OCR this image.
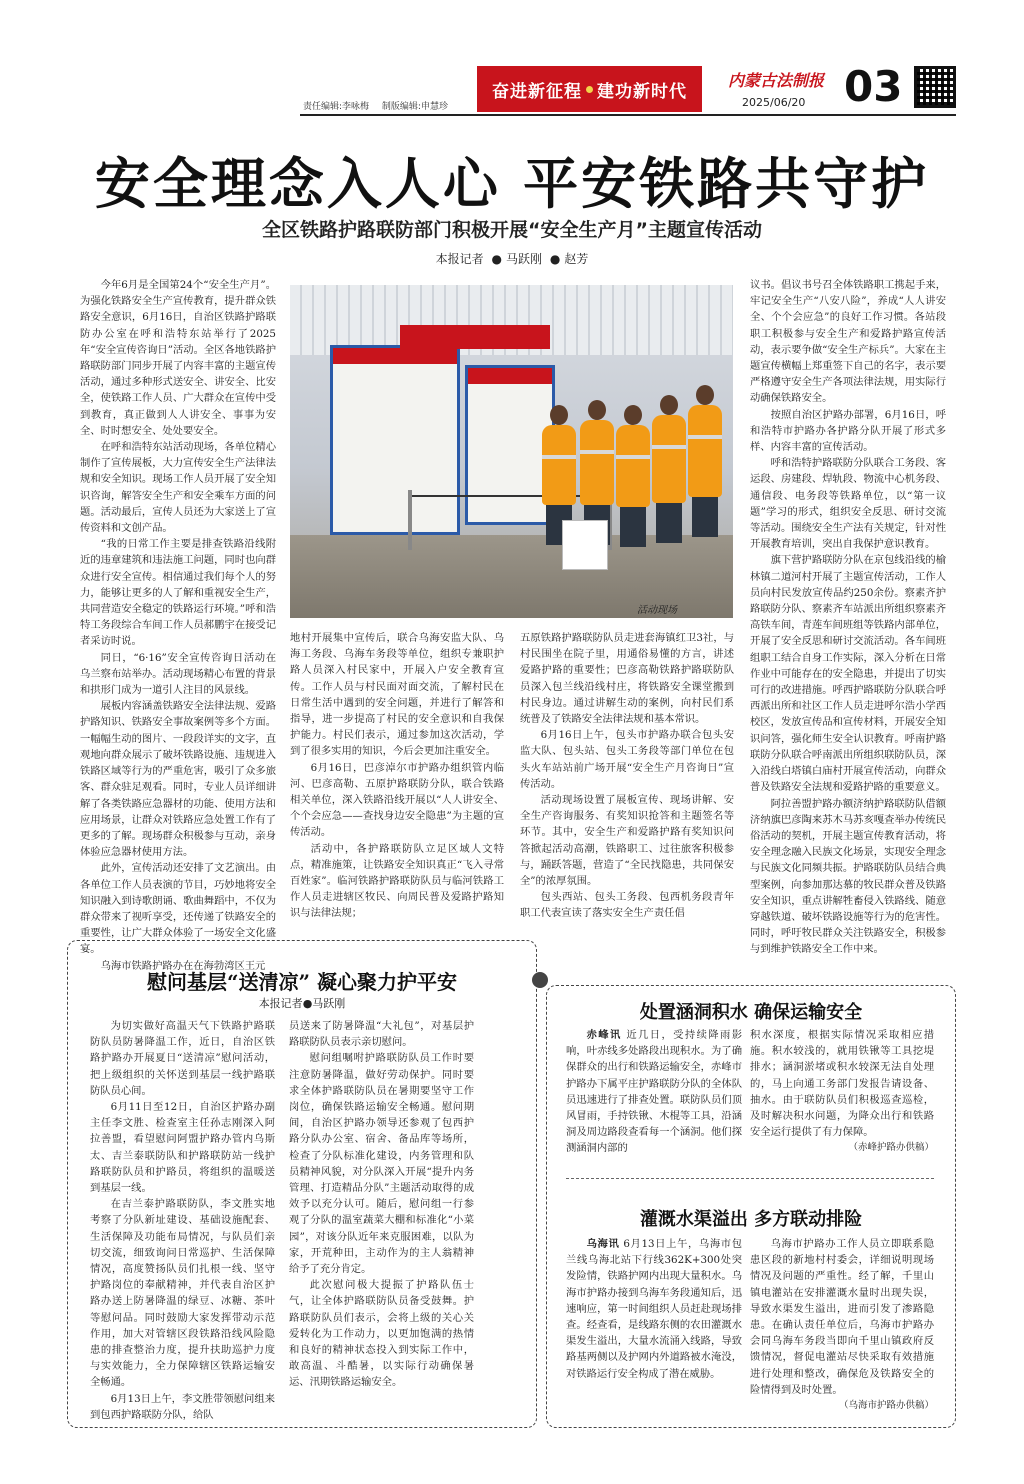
责任编辑:李咏梅 制版编辑:申慧珍
奋进新征程 建功新时代
内蒙古法制报
2025/06/20 03
安全理念入人心 平安铁路共守护
全区铁路护路联防部门积极开展“安全生产月”主题宣传活动
本报记者 ● 马跃刚 ● 赵芳

今年6月是全国第24个“安全生产月”。为强化铁路安全生产宣传教育，提升群众铁路安全意识，6月16日，自治区铁路护路联防办公室在呼和浩特东站举行了2025年“安全宣传咨询日”活动。全区各地铁路护路联防部门同步开展了内容丰富的主题宣传活动，通过多种形式送安全、讲安全、比安全，使铁路工作人员、广大群众在宣传中受到教育，真正做到人人讲安全、事事为安全、时时想安全、处处要安全。

在呼和浩特东站活动现场，各单位精心制作了宣传展板，大力宣传安全生产法律法规和安全知识。现场工作人员开展了安全知识咨询，解答安全生产和安全乘车方面的问题。活动最后，宣传人员还为大家送上了宣传资料和文创产品。

“我的日常工作主要是排查铁路沿线附近的违章建筑和违法施工问题，同时也向群众进行安全宣传。相信通过我们每个人的努力，能够让更多的人了解和重视安全生产，共同营造安全稳定的铁路运行环境。”呼和浩特工务段综合车间工作人员郝鹏宇在接受记者采访时说。

同日，“6·16”安全宣传咨询日活动在乌兰察布站举办。活动现场精心布置的背景和拱形门成为一道引人注目的风景线。

展板内容涵盖铁路安全法律法规、爱路护路知识、铁路安全事故案例等多个方面。一幅幅生动的图片、一段段详实的文字，直观地向群众展示了破坏铁路设施、违规进入铁路区域等行为的严重危害，吸引了众多旅客、群众驻足观看。同时，专业人员详细讲解了各类铁路应急器材的功能、使用方法和应用场景，让群众对铁路应急处置工作有了更多的了解。现场群众积极参与互动，亲身体验应急器材使用方法。

此外，宣传活动还安排了文艺演出。由各单位工作人员表演的节目，巧妙地将安全知识融入到诗歌朗诵、歌曲舞蹈中，不仅为群众带来了视听享受，还传递了铁路安全的重要性，让广大群众体验了一场安全文化盛宴。

乌海市铁路护路办在在海勃湾区王元

活动现场

地村开展集中宣传后，联合乌海安监大队、乌海工务段、乌海车务段等单位，组织专兼职护路人员深入村民家中，开展入户安全教育宣传。工作人员与村民面对面交流，了解村民在日常生活中遇到的安全问题，并进行了解答和指导，进一步提高了村民的安全意识和自我保护能力。村民们表示，通过参加这次活动，学到了很多实用的知识，今后会更加注重安全。

6月16日，巴彦淖尔市护路办组织管内临河、巴彦高勒、五原护路联防分队，联合铁路相关单位，深入铁路沿线开展以“人人讲安全、个个会应急——查找身边安全隐患”为主题的宣传活动。

活动中，各护路联防队立足区域人文特点，精准施策，让铁路安全知识真正“飞入寻常百姓家”。临河铁路护路联防队员与临河铁路工作人员走进辖区牧民、向周民普及爱路护路知识与法律法规；

五原铁路护路联防队员走进套海镇红卫3社，与村民围坐在院子里，用通俗易懂的方言，讲述爱路护路的重要性；巴彦高勒铁路护路联防队员深入包兰线沿线村庄，将铁路安全课堂搬到村民身边。通过讲解生动的案例，向村民们系统普及了铁路安全法律法规和基本常识。

6月16日上午，包头市护路办联合包头安监大队、包头站、包头工务段等部门单位在包头火车站站前广场开展“安全生产月咨询日”宣传活动。

活动现场设置了展板宣传、现场讲解、安全生产咨询服务、有奖知识抢答和主题签名等环节。其中，安全生产和爱路护路有奖知识问答掀起活动高潮，铁路职工、过往旅客积极参与，踊跃答题，营造了“全民找隐患，共同保安全”的浓厚氛围。

包头西站、包头工务段、包西机务段青年职工代表宣读了落实安全生产责任倡

议书。倡议书号召全体铁路职工携起手来，牢记安全生产“八安八险”，养成“人人讲安全、个个会应急”的良好工作习惯。各站段职工积极参与安全生产和爱路护路宣传活动，表示要争做“安全生产标兵”。大家在主题宣传横幅上郑重签下自己的名字，表示要严格遵守安全生产各项法律法规，用实际行动确保铁路安全。

按照自治区护路办部署，6月16日，呼和浩特市护路办各护路分队开展了形式多样、内容丰富的宣传活动。

呼和浩特护路联防分队联合工务段、客运段、房建段、焊轨段、物流中心机务段、通信段、电务段等铁路单位，以“第一议题”学习的形式，组织安全反思、研讨交流等活动。围绕安全生产法有关规定，针对性开展教育培训，突出自我保护意识教育。

旗下营护路联防分队在京包线沿线的榆林镇二道河村开展了主题宣传活动，工作人员向村民发放宣传品约250余份。察素齐护路联防分队、察素齐车站派出所组织察素齐高铁车间，青莲车间班组等铁路内部单位，开展了安全反思和研讨交流活动。各车间班组职工结合自身工作实际，深入分析在日常作业中可能存在的安全隐患，并提出了切实可行的改进措施。呼西护路联防分队联合呼西派出所和社区工作人员走进呼尔浩小学西校区，发放宣传品和宣传材料，开展安全知识问答，强化师生安全认识教育。呼南护路联防分队联合呼南派出所组织联防队员，深入沿线白塔镇白庙村开展宣传活动，向群众普及铁路安全法规和爱路护路的重要意义。

阿拉善盟护路办额济纳护路联防队借额济纳旗巴彦陶来苏木马苏亥嘎查举办传统民俗活动的契机，开展主题宣传教育活动，将安全理念融入民族文化场景，实现安全理念与民族文化同频共振。护路联防队员结合典型案例，向参加那达慕的牧民群众普及铁路安全知识，重点讲解牲畜侵入铁路线、随意穿越铁道、破坏铁路设施等行为的危害性。同时，呼吁牧民群众关注铁路安全，积极参与到维护铁路安全工作中来。

慰问基层“送清凉” 凝心聚力护平安
本报记者●马跃刚

为切实做好高温天气下铁路护路联防队员防暑降温工作，近日，自治区铁路护路办开展夏日“送清凉”慰问活动，把上级组织的关怀送到基层一线护路联防队员心间。

6月11日至12日，自治区护路办副主任李文胜、检查室主任孙志刚深入阿拉善盟，看望慰问阿盟护路办管内乌斯太、吉兰泰联防队和护路联防站一线护路联防队员和护路员，将组织的温暖送到基层一线。

在吉兰泰护路联防队，李文胜实地考察了分队新址建设、基础设施配套、生活保障及功能布局情况，与队员们亲切交流，细致询问日常巡护、生活保障情况，高度赞扬队员们扎根一线、坚守护路岗位的奉献精神，并代表自治区护路办送上防暑降温的绿豆、冰糖、茶叶等慰问品。同时鼓励大家发挥带动示范作用，加大对管辖区段铁路沿线风险隐患的排查整治力度，提升扶助巡护力度与实效能力，全力保障辖区铁路运输安全畅通。

6月13日上午，李文胜带领慰问组来到包西护路联防分队，给队

员送来了防暑降温“大礼包”，对基层护路联防队员表示亲切慰问。

慰问组嘱咐护路联防队员工作时要注意防暑降温，做好劳动保护。同时要求全体护路联防队员在暑期要坚守工作岗位，确保铁路运输安全畅通。慰问期间，自治区护路办领导还参观了包西护路分队办公室、宿舍、备品库等场所，检查了分队标准化建设，内务管理和队员精神风貌，对分队深入开展“提升内务管理、打造精品分队”主题活动取得的成效予以充分认可。随后，慰问组一行参观了分队的温室蔬菜大棚和标准化“小菜园”，对该分队近年来克服困难，以队为家，开荒种田，主动作为的主人翁精神给予了充分肯定。

此次慰问极大提振了护路队伍士气，让全体护路联防队员备受鼓舞。护路联防队员们表示，会将上级的关心关爱转化为工作动力，以更加饱满的热情和良好的精神状态投入到实际工作中，敢高温、斗酷暑，以实际行动确保暑运、汛期铁路运输安全。

处置涵洞积水 确保运输安全

赤峰讯 近几日，受持续降雨影响，叶赤线多处路段出现积水。为了确保群众的出行和铁路运输安全，赤峰市护路办下属平庄护路联防分队的全体队员迅速进行了排查处置。联防队员们顶风冒雨，手持铁锹、木棍等工具，沿涵洞及周边路段查看每一个涵洞。他们探测涵洞内部的

积水深度，根据实际情况采取相应措施。积水较浅的，就用铁锹等工具挖堤排水；涵洞淤堵或积水较深无法自处理的，马上向通工务部门发报告请设备、抽水。由于联防队员们积极巡查巡检，及时解决积水问题，为降众出行和铁路安全运行提供了有力保障。

（赤峰护路办供稿）
灌溉水渠溢出 多方联动排险

乌海讯 6月13日上午，乌海市包兰线乌海北站下行线362K+300处突发险情，铁路护网内出现大量积水。乌海市护路办接到乌海车务段通知后，迅速响应，第一时间组织人员赶赴现场排查。经查看，是线路东侧的农田灌溉水渠发生溢出，大量水流涌入线路，导致路基两侧以及护网内外道路被水淹没，对铁路运行安全构成了潜在威胁。

乌海市护路办工作人员立即联系隐患区段的新地村村委会，详细说明现场情况及问题的严重性。经了解，千里山镇电灌站在安排灌溉水量时出现失误，导致水渠发生溢出，进而引发了渗路隐患。在确认责任单位后，乌海市护路办会同乌海车务段当即向千里山镇政府反馈情况，督促电灌站尽快采取有效措施进行处理和整改，确保危及铁路安全的险情得到及时处置。

（乌海市护路办供稿）
